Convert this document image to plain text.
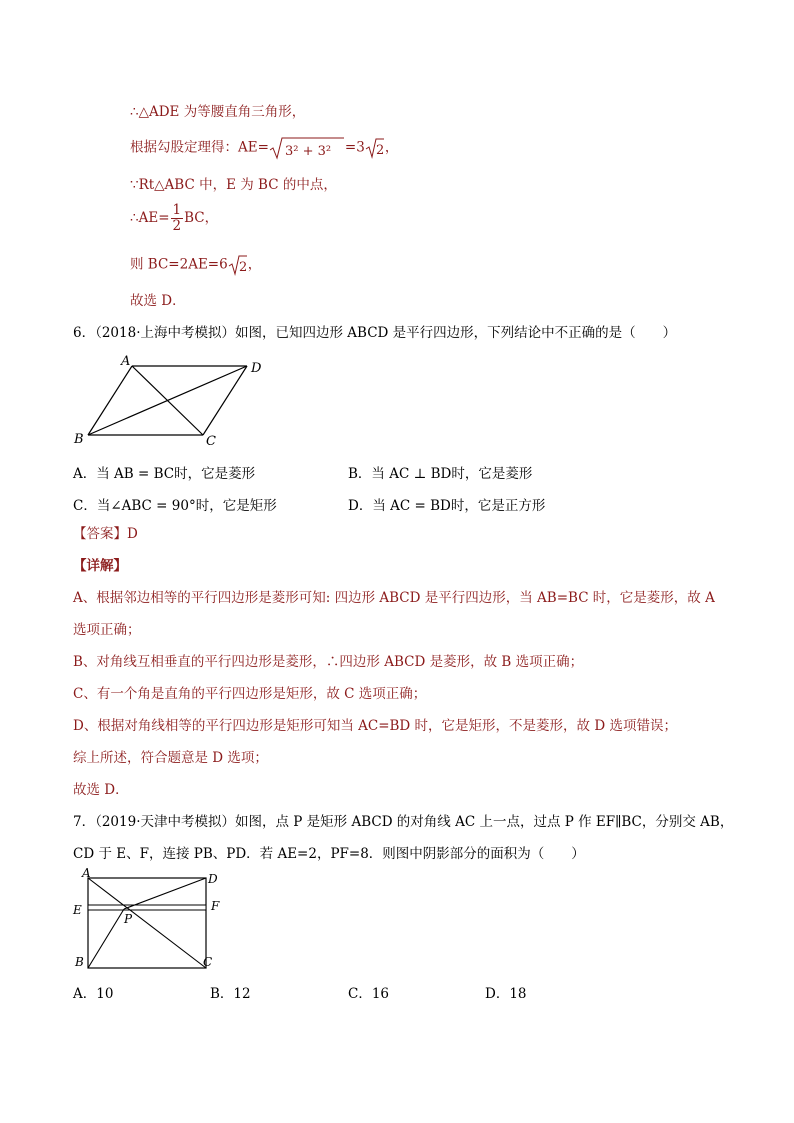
∴△ADE 为等腰直角三角形，
根据勾股定理得：AE= 3² + 3² =3 2 ，
∵Rt△ABC 中，E 为 BC 的中点，
∴AE= $\frac{1}{2}$ BC，
则 BC=2AE=6 2 ，
故选 D．
6．（2018·上海中考模拟）如图，已知四边形 ABCD 是平行四边形，下列结论中不正确的是（　　）
A	D
B	C
A．当 AB = BC时，它是菱形	B．当 AC ⊥ BD时，它是菱形
C．当∠ABC = 90°时，它是矩形	D．当 AC = BD时，它是正方形
【答案】D
【详解】
A、根据邻边相等的平行四边形是菱形可知: 四边形 ABCD 是平行四边形，当 AB=BC 时，它是菱形，故 A
选项正确；
B、对角线互相垂直的平行四边形是菱形，∴四边形 ABCD 是菱形，故 B 选项正确；
C、有一个角是直角的平行四边形是矩形，故 C 选项正确；
D、根据对角线相等的平行四边形是矩形可知当 AC=BD 时，它是矩形，不是菱形，故 D 选项错误；
综上所述，符合题意是 D 选项；
故选 D．
7．（2019·天津中考模拟）如图，点 P 是矩形 ABCD 的对角线 AC 上一点，过点 P 作 EF∥BC，分别交 AB，
CD 于 E、F，连接 PB、PD．若 AE=2，PF=8．则图中阴影部分的面积为（　　）
A	D
E	F
P
B	C
A．10	B．12	C．16	D．18
